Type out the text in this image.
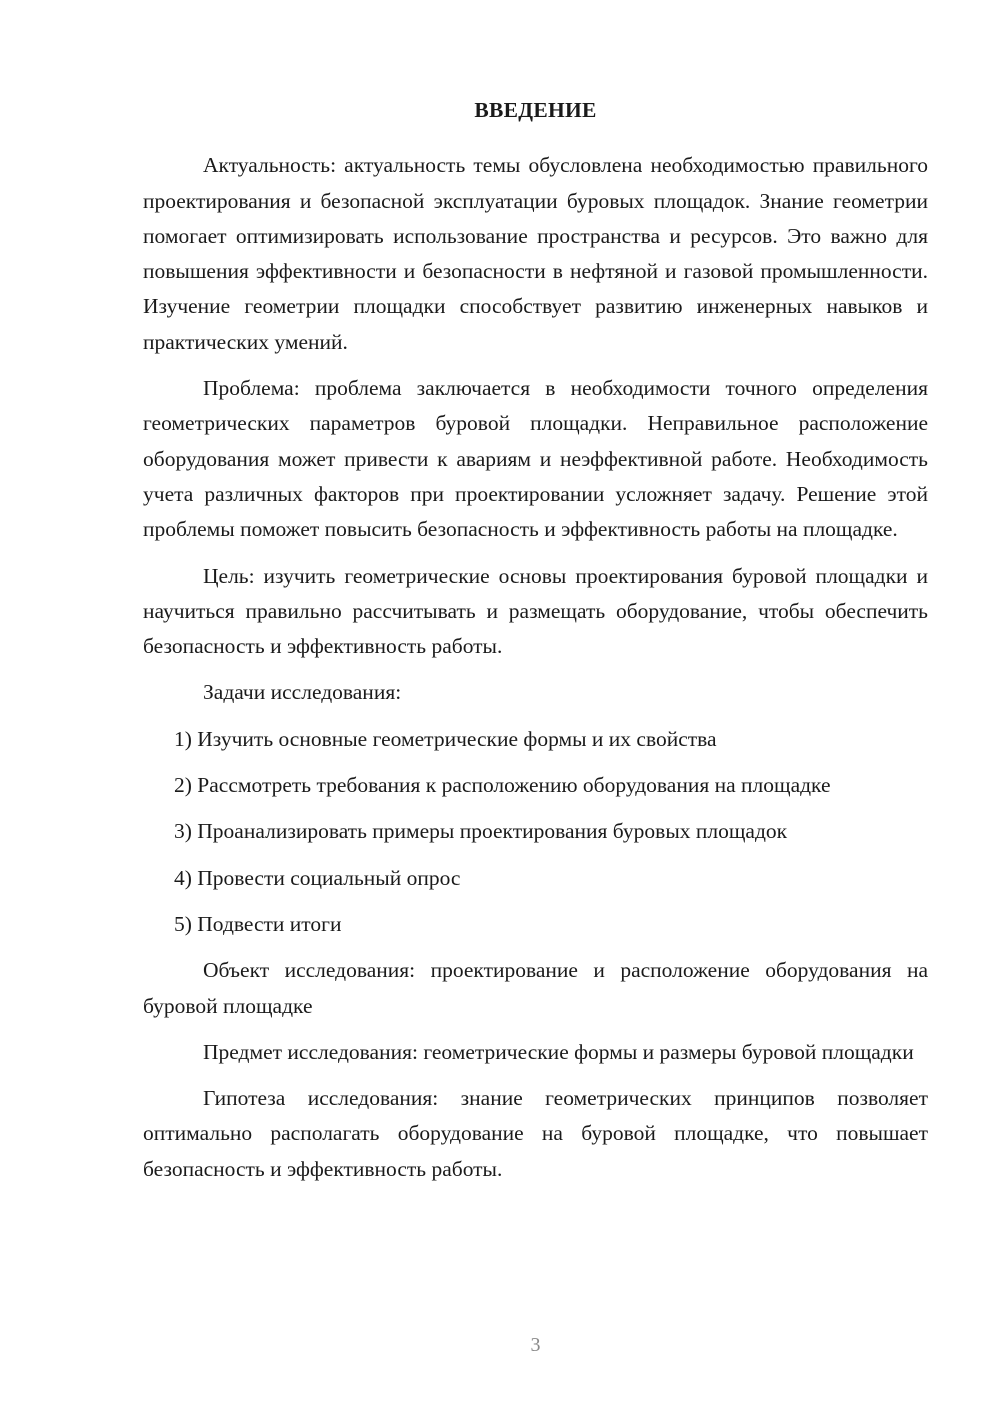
ВВЕДЕНИЕ

Актуальность: актуальность темы обусловлена необходимостью правильного проектирования и безопасной эксплуатации буровых площадок. Знание геометрии помогает оптимизировать использование пространства и ресурсов. Это важно для повышения эффективности и безопасности в нефтяной и газовой промышленности. Изучение геометрии площадки способствует развитию инженерных навыков и практических умений.

Проблема: проблема заключается в необходимости точного определения геометрических параметров буровой площадки. Неправильное расположение оборудования может привести к авариям и неэффективной работе. Необходимость учета различных факторов при проектировании усложняет задачу. Решение этой проблемы поможет повысить безопасность и эффективность работы на площадке.

Цель: изучить геометрические основы проектирования буровой площадки и научиться правильно рассчитывать и размещать оборудование, чтобы обеспечить безопасность и эффективность работы.

Задачи исследования:

1) Изучить основные геометрические формы и их свойства

2) Рассмотреть требования к расположению оборудования на площадке

3) Проанализировать примеры проектирования буровых площадок

4) Провести социальный опрос

5) Подвести итоги

Объект исследования: проектирование и расположение оборудования на буровой площадке

Предмет исследования: геометрические формы и размеры буровой площадки

Гипотеза исследования: знание геометрических принципов позволяет оптимально располагать оборудование на буровой площадке, что повышает безопасность и эффективность работы.

3
